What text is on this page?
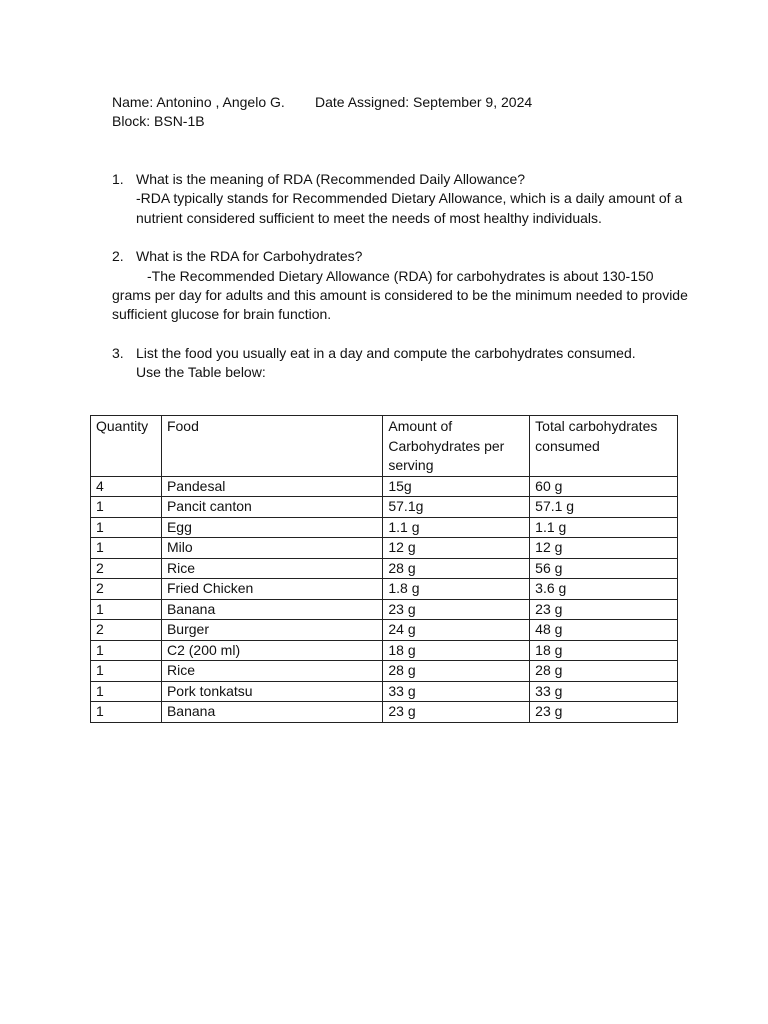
Name: Antonino , Angelo G.	Date Assigned: September 9, 2024
Block: BSN-1B
1. What is the meaning of RDA (Recommended Daily Allowance?
-RDA typically stands for Recommended Dietary Allowance, which is a daily amount of a nutrient considered sufficient to meet the needs of most healthy individuals.
2. What is the RDA for Carbohydrates?
-The Recommended Dietary Allowance (RDA) for carbohydrates is about 130-150 grams per day for adults and this amount is considered to be the minimum needed to provide sufficient glucose for brain function.
3. List the food you usually eat in a day and compute the carbohydrates consumed.
Use the Table below:
Quantity	Food	Amount of Carbohydrates per serving	Total carbohydrates consumed
4	Pandesal	15g	60 g
1	Pancit canton	57.1g	57.1 g
1	Egg	1.1 g	1.1 g
1	Milo	12 g	12 g
2	Rice	28 g	56 g
2	Fried Chicken	1.8 g	3.6 g
1	Banana	23 g	23 g
2	Burger	24 g	48 g
1	C2 (200 ml)	18 g	18 g
1	Rice	28 g	28 g
1	Pork tonkatsu	33 g	33 g
1	Banana	23 g	23 g
